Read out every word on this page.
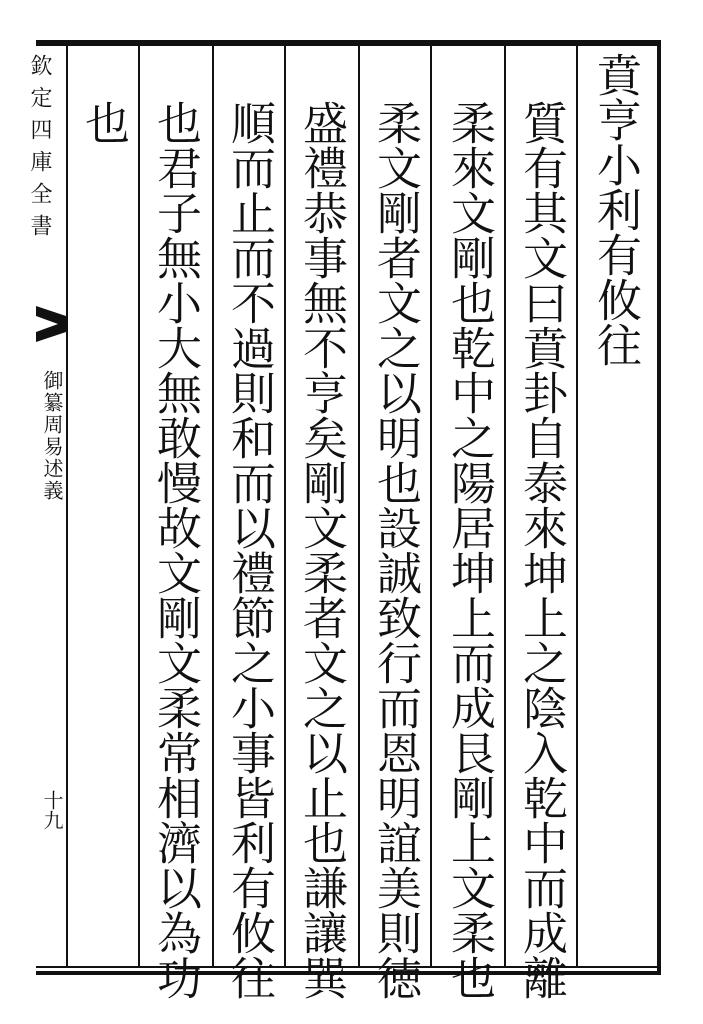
欽定四庫全書
御纂周易述義
十九
賁亨小利有攸往
質有其文曰賁卦自泰來坤上之陰入乾中而成離
柔來文剛也乾中之陽居坤上而成艮剛上文柔也
柔文剛者文之以明也設誠致行而恩明誼美則徳
盛禮恭事無不亨矣剛文柔者文之以止也謙讓巽
順而止而不過則和而以禮節之小事皆利有攸往
也君子無小大無敢慢故文剛文柔常相濟以為功
也
